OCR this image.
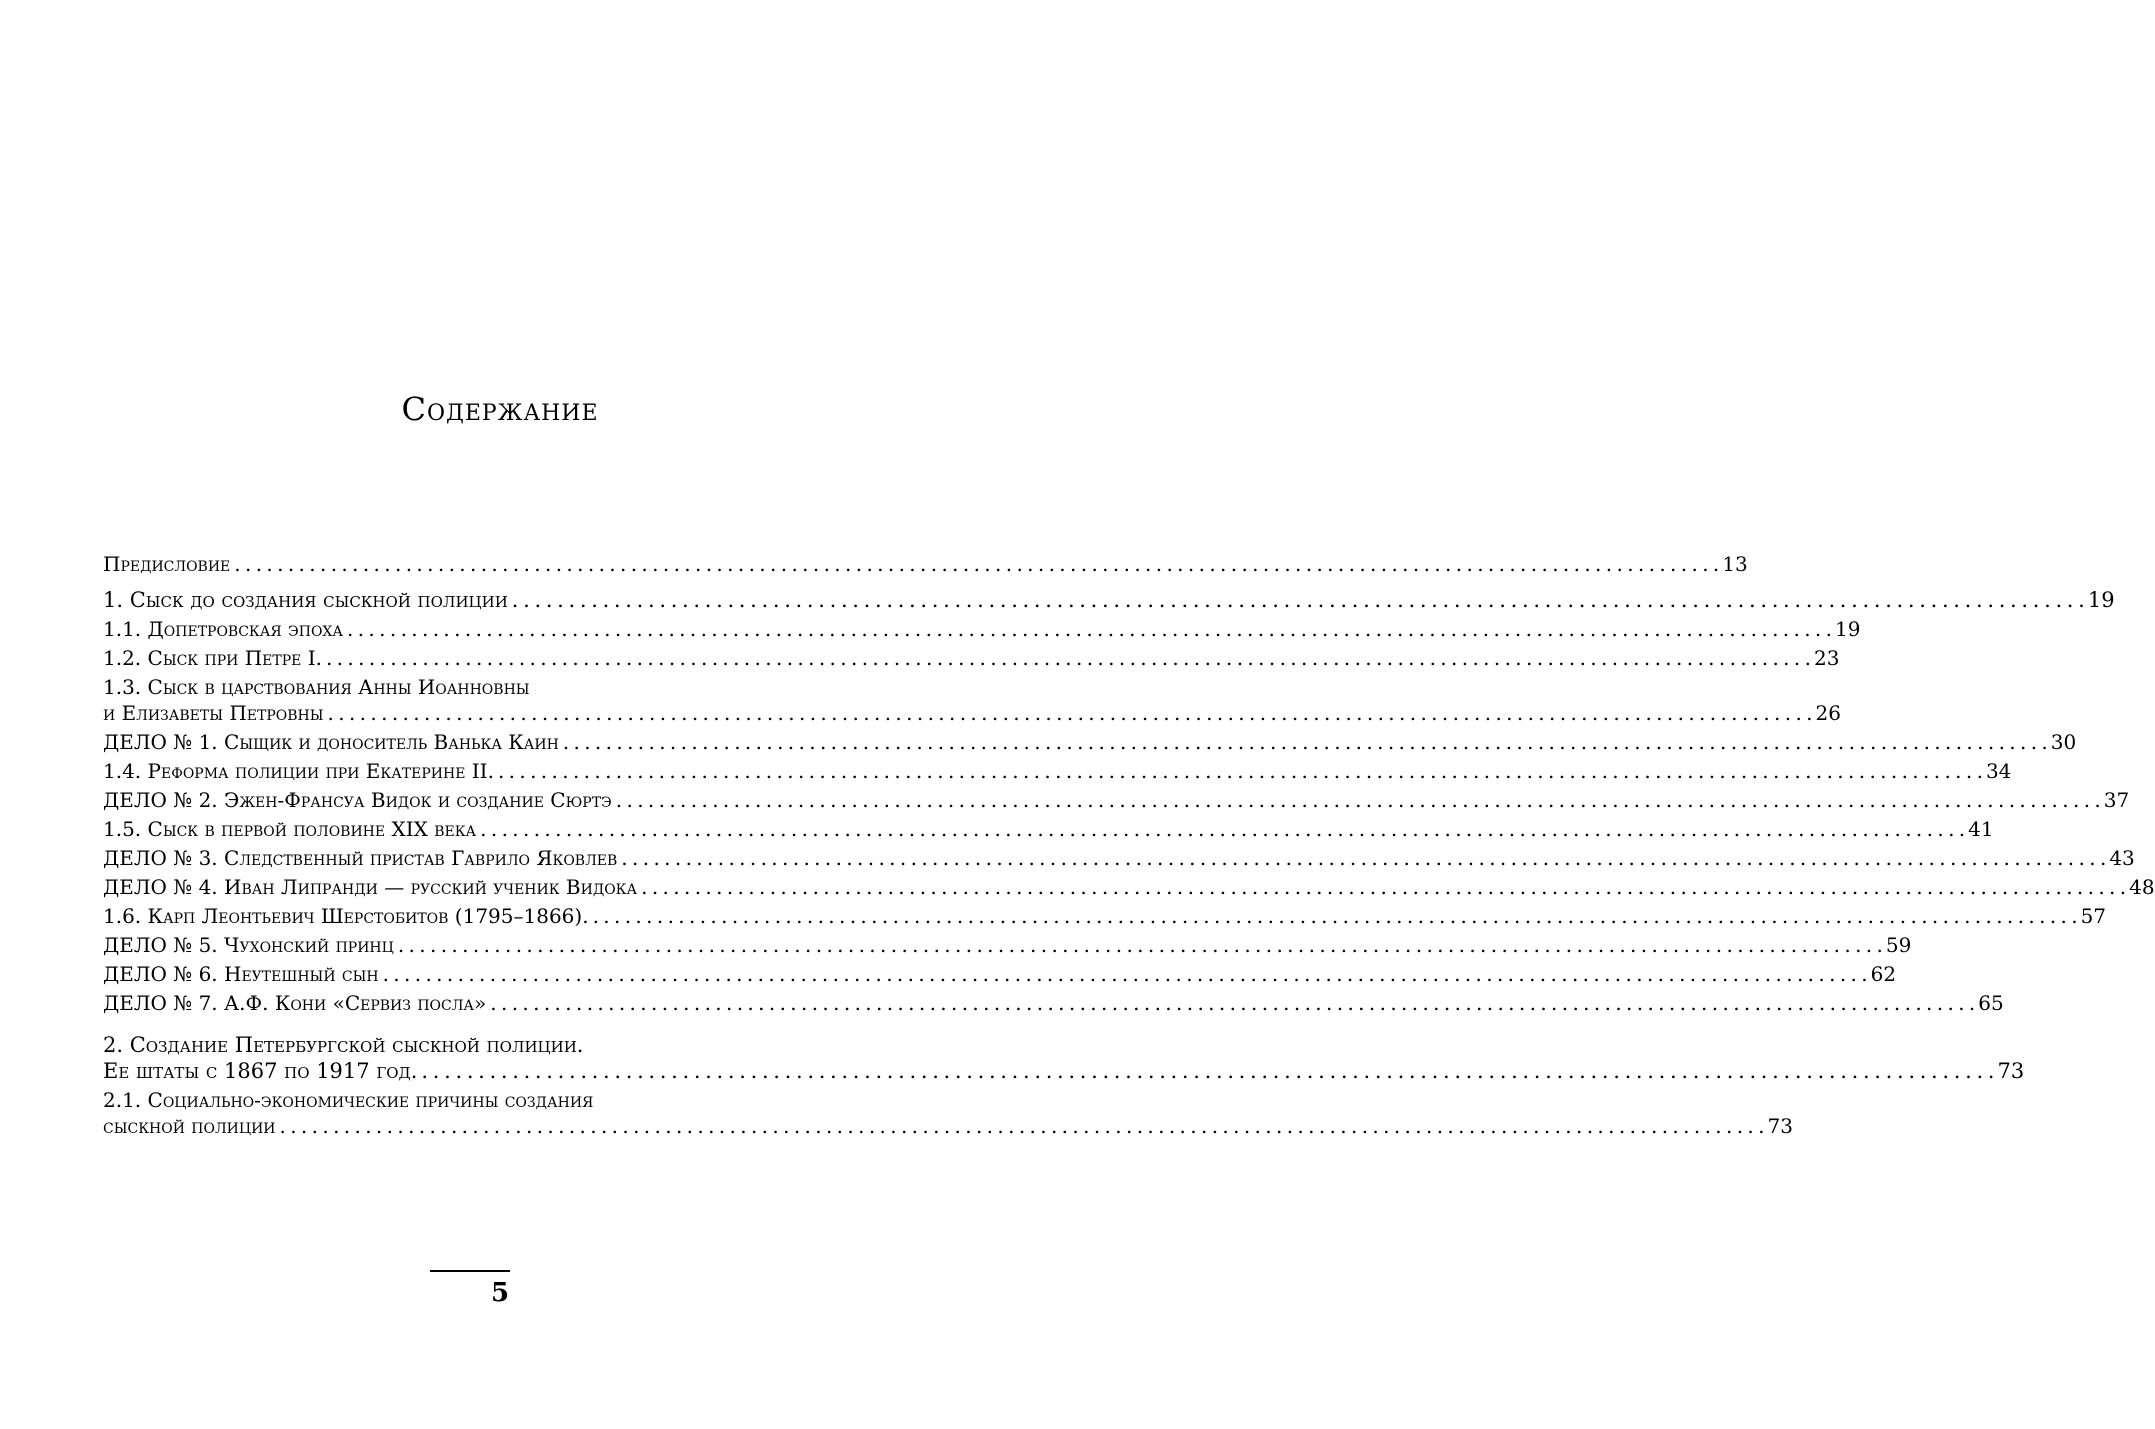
Содержание
Предисловие . . .	13
1. Сыск до создания сыскной полиции . . .	19
1.1. Допетровская эпоха . . .	19
1.2. Сыск при Петре I. . . .	23
1.3. Сыск в царствования Анны Иоанновны
и Елизаветы Петровны . . .	26
ДЕЛО № 1. Сыщик и доноситель Ванька Каин . . .	30
1.4. Реформа полиции при Екатерине II. . . .	34
ДЕЛО № 2. Эжен-Франсуа Видок и создание Сюртэ . . .	37
1.5. Сыск в первой половине XIX века . . .	41
ДЕЛО № 3. Следственный пристав Гаврило Яковлев . . .	43
ДЕЛО № 4. Иван Липранди — русский ученик Видока . . .	48
1.6. Карп Леонтьевич Шерстобитов (1795–1866). . . .	57
ДЕЛО № 5. Чухонский принц . . .	59
ДЕЛО № 6. Неутешный сын . . .	62
ДЕЛО № 7. А.Ф. Кони «Сервиз посла» . . .	65
2. Создание Петербургской сыскной полиции.
Ее штаты с 1867 по 1917 год. . . .	73
2.1. Социально-экономические причины создания
сыскной полиции . . .	73
5
